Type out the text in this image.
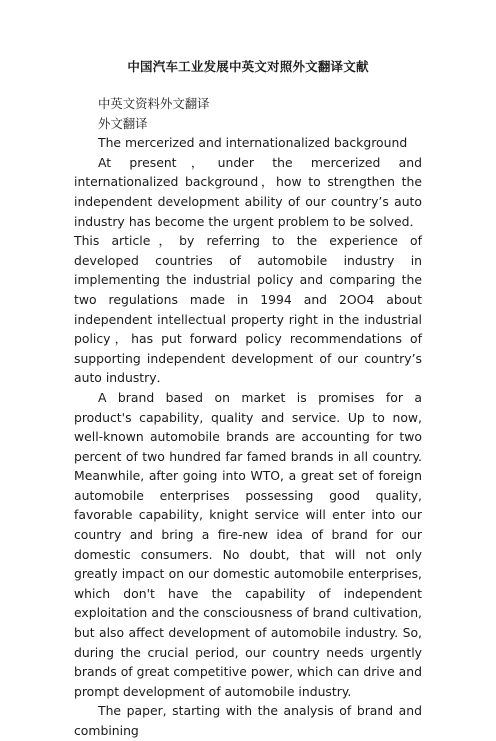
中国汽车工业发展中英文对照外文翻译文献
中英文资料外文翻译
外文翻译
The mercerized and internationalized background

At present，under the mercerized and internationalized background，how to strengthen the independent development ability of our country’s auto industry has become the urgent problem to be solved．This article，by referring to the experience of developed countries of automobile industry in implementing the industrial policy and comparing the two regulations made in 1994 and 2OO4 about independent intellectual property right in the industrial policy，has put forward policy recommendations of supporting independent development of our country’s auto industry．

A brand based on market is promises for a product's capability, quality and service. Up to now, well-known automobile brands are accounting for two percent of two hundred far famed brands in all country. Meanwhile, after going into WTO, a great set of foreign automobile enterprises possessing good quality, favorable capability, knight service will enter into our country and bring a fire-new idea of brand for our domestic consumers. No doubt, that will not only greatly impact on our domestic automobile enterprises, which don't have the capability of independent exploitation and the consciousness of brand cultivation, but also affect development of automobile industry. So, during the crucial period, our country needs urgently brands of great competitive power, which can drive and prompt development of automobile industry.

The paper, starting with the analysis of brand and combining
